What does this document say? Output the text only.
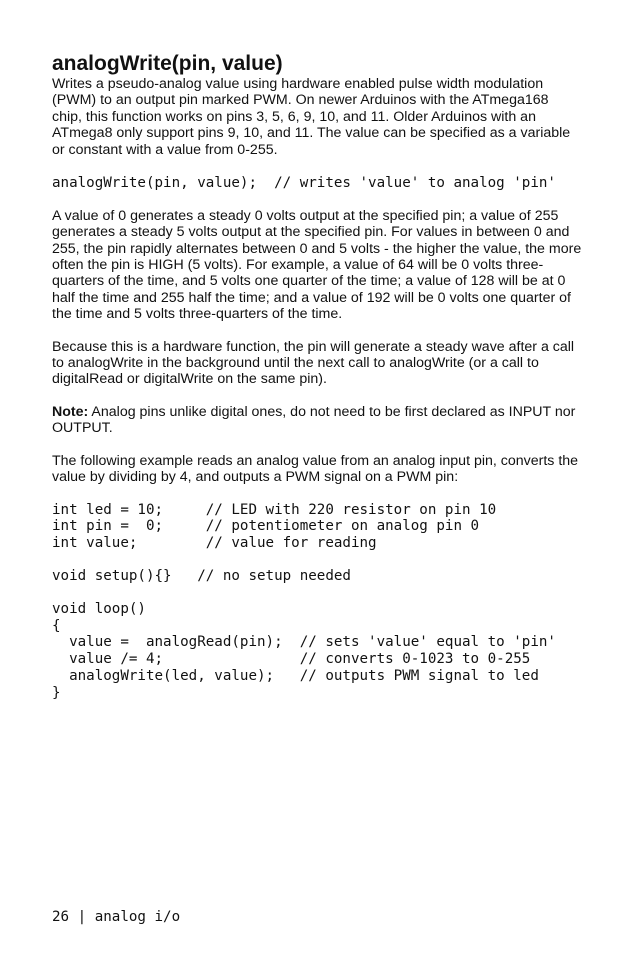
analogWrite(pin, value)

Writes a pseudo-analog value using hardware enabled pulse width modulation (PWM) to an output pin marked PWM. On newer Arduinos with the ATmega168 chip, this function works on pins 3, 5, 6, 9, 10, and 11. Older Arduinos with an ATmega8 only support pins 9, 10, and 11. The value can be specified as a variable or constant with a value from 0-255.

analogWrite(pin, value);  // writes 'value' to analog 'pin'

A value of 0 generates a steady 0 volts output at the specified pin; a value of 255 generates a steady 5 volts output at the specified pin. For values in between 0 and 255, the pin rapidly alternates between 0 and 5 volts - the higher the value, the more often the pin is HIGH (5 volts). For example, a value of 64 will be 0 volts three-quarters of the time, and 5 volts one quarter of the time; a value of 128 will be at 0 half the time and 255 half the time; and a value of 192 will be 0 volts one quarter of the time and 5 volts three-quarters of the time.

Because this is a hardware function, the pin will generate a steady wave after a call to analogWrite in the background until the next call to analogWrite (or a call to digitalRead or digitalWrite on the same pin).

Note: Analog pins unlike digital ones, do not need to be first declared as INPUT nor OUTPUT.

The following example reads an analog value from an analog input pin, converts the value by dividing by 4, and outputs a PWM signal on a PWM pin:

int led = 10;     // LED with 220 resistor on pin 10
int pin =  0;     // potentiometer on analog pin 0
int value;        // value for reading
void setup(){}   // no setup needed
void loop()
{
value =  analogRead(pin);  // sets 'value' equal to 'pin'
value /= 4;                // converts 0-1023 to 0-255
analogWrite(led, value);   // outputs PWM signal to led
}
26 | analog i/o
